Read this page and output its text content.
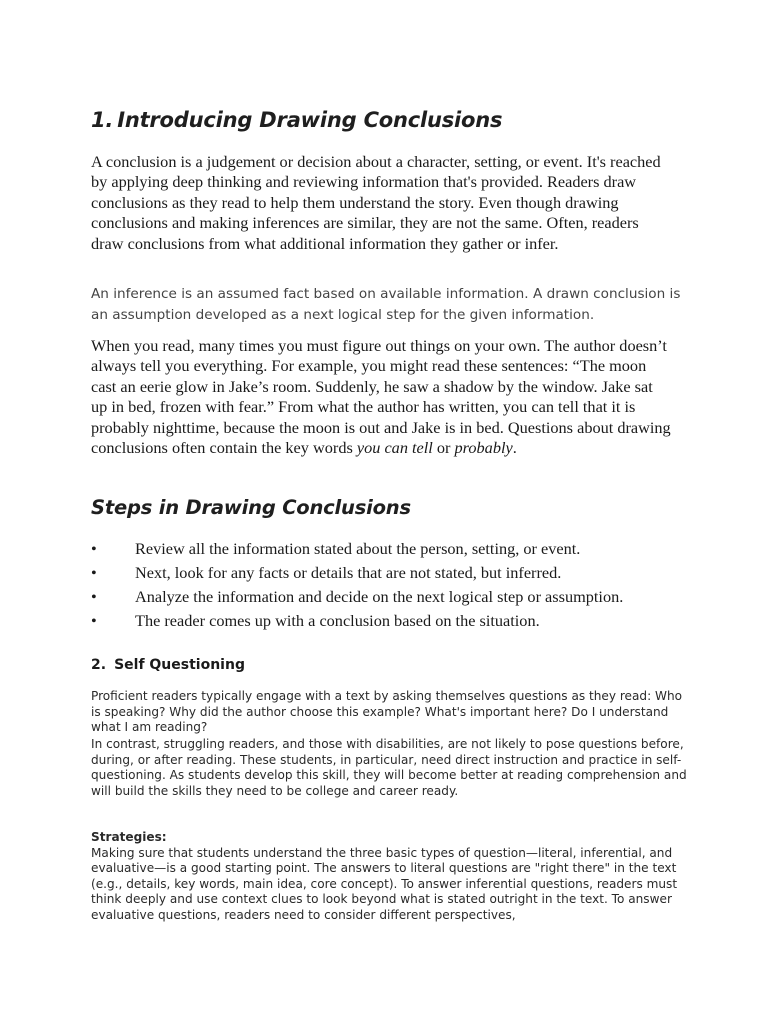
1. Introducing Drawing Conclusions

A conclusion is a judgement or decision about a character, setting, or event. It's reached by applying deep thinking and reviewing information that's provided. Readers draw conclusions as they read to help them understand the story. Even though drawing conclusions and making inferences are similar, they are not the same. Often, readers draw conclusions from what additional information they gather or infer.

An inference is an assumed fact based on available information. A drawn conclusion is an assumption developed as a next logical step for the given information.

When you read, many times you must figure out things on your own. The author doesn’t always tell you everything. For example, you might read these sentences: “The moon cast an eerie glow in Jake’s room. Suddenly, he saw a shadow by the window. Jake sat up in bed, frozen with fear.” From what the author has written, you can tell that it is probably nighttime, because the moon is out and Jake is in bed. Questions about drawing conclusions often contain the key words you can tell or probably.

Steps in Drawing Conclusions
• Review all the information stated about the person, setting, or event.
• Next, look for any facts or details that are not stated, but inferred.
• Analyze the information and decide on the next logical step or assumption.
• The reader comes up with a conclusion based on the situation.
2. Self Questioning

Proficient readers typically engage with a text by asking themselves questions as they read: Who is speaking? Why did the author choose this example? What's important here? Do I understand what I am reading?

In contrast, struggling readers, and those with disabilities, are not likely to pose questions before, during, or after reading. These students, in particular, need direct instruction and practice in self-questioning. As students develop this skill, they will become better at reading comprehension and will build the skills they need to be college and career ready.

Strategies:
Making sure that students understand the three basic types of question—literal, inferential, and evaluative—is a good starting point. The answers to literal questions are "right there" in the text (e.g., details, key words, main idea, core concept). To answer inferential questions, readers must think deeply and use context clues to look beyond what is stated outright in the text. To answer evaluative questions, readers need to consider different perspectives,
